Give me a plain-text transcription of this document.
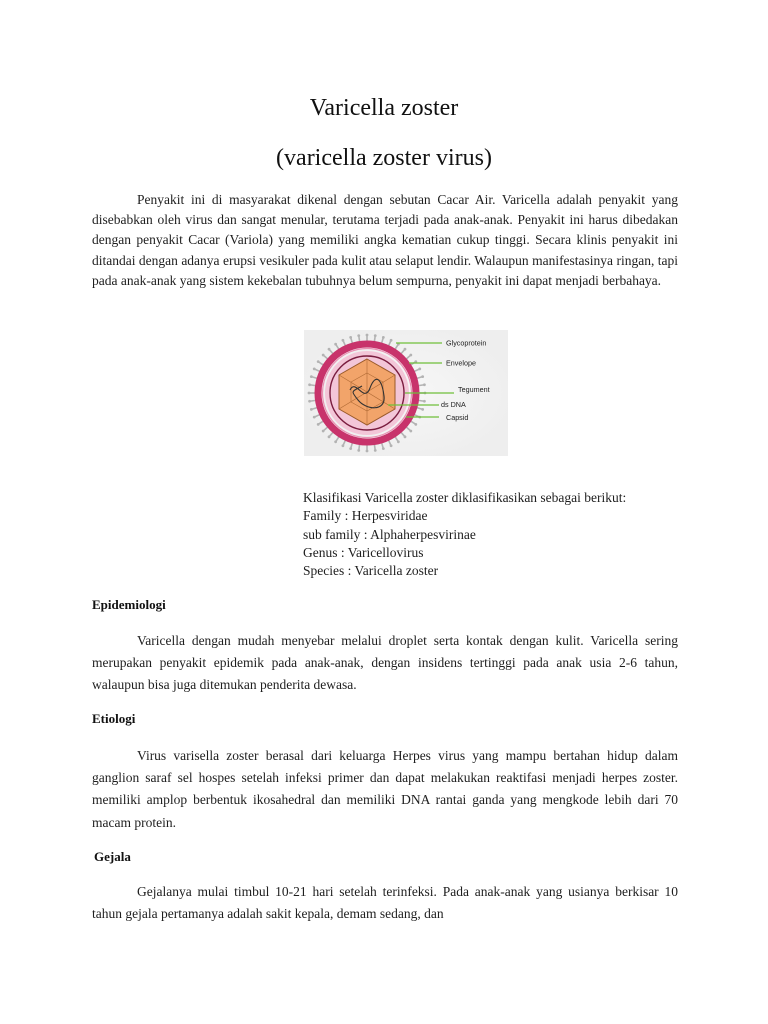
Varicella zoster
(varicella zoster virus)

Penyakit ini di masyarakat dikenal dengan sebutan Cacar Air. Varicella adalah penyakit yang disebabkan oleh virus dan sangat menular, terutama terjadi pada anak-anak. Penyakit ini harus dibedakan dengan penyakit Cacar (Variola) yang memiliki angka kematian cukup tinggi. Secara klinis penyakit ini ditandai dengan adanya erupsi vesikuler pada kulit atau selaput lendir. Walaupun manifestasinya ringan, tapi pada anak-anak yang sistem kekebalan tubuhnya belum sempurna, penyakit ini dapat menjadi berbahaya.

Glycoprotein
Envelope
Tegument
ds DNA
Capsid
Klasifikasi Varicella zoster diklasifikasikan sebagai berikut:
Family : Herpesviridae
sub family : Alphaherpesvirinae
Genus : Varicellovirus
Species : Varicella zoster
Epidemiologi

Varicella dengan mudah menyebar melalui droplet serta kontak dengan kulit. Varicella sering merupakan penyakit epidemik pada anak-anak, dengan insidens tertinggi pada anak usia 2-6 tahun, walaupun bisa juga ditemukan penderita dewasa.

Etiologi

Virus varisella zoster berasal dari keluarga Herpes virus yang mampu bertahan hidup dalam ganglion saraf sel hospes setelah infeksi primer dan dapat melakukan reaktifasi menjadi herpes zoster. memiliki amplop berbentuk ikosahedral dan memiliki DNA rantai ganda yang mengkode lebih dari 70 macam protein.

Gejala

Gejalanya mulai timbul 10-21 hari setelah terinfeksi. Pada anak-anak yang usianya berkisar 10 tahun gejala pertamanya adalah sakit kepala, demam sedang, dan
